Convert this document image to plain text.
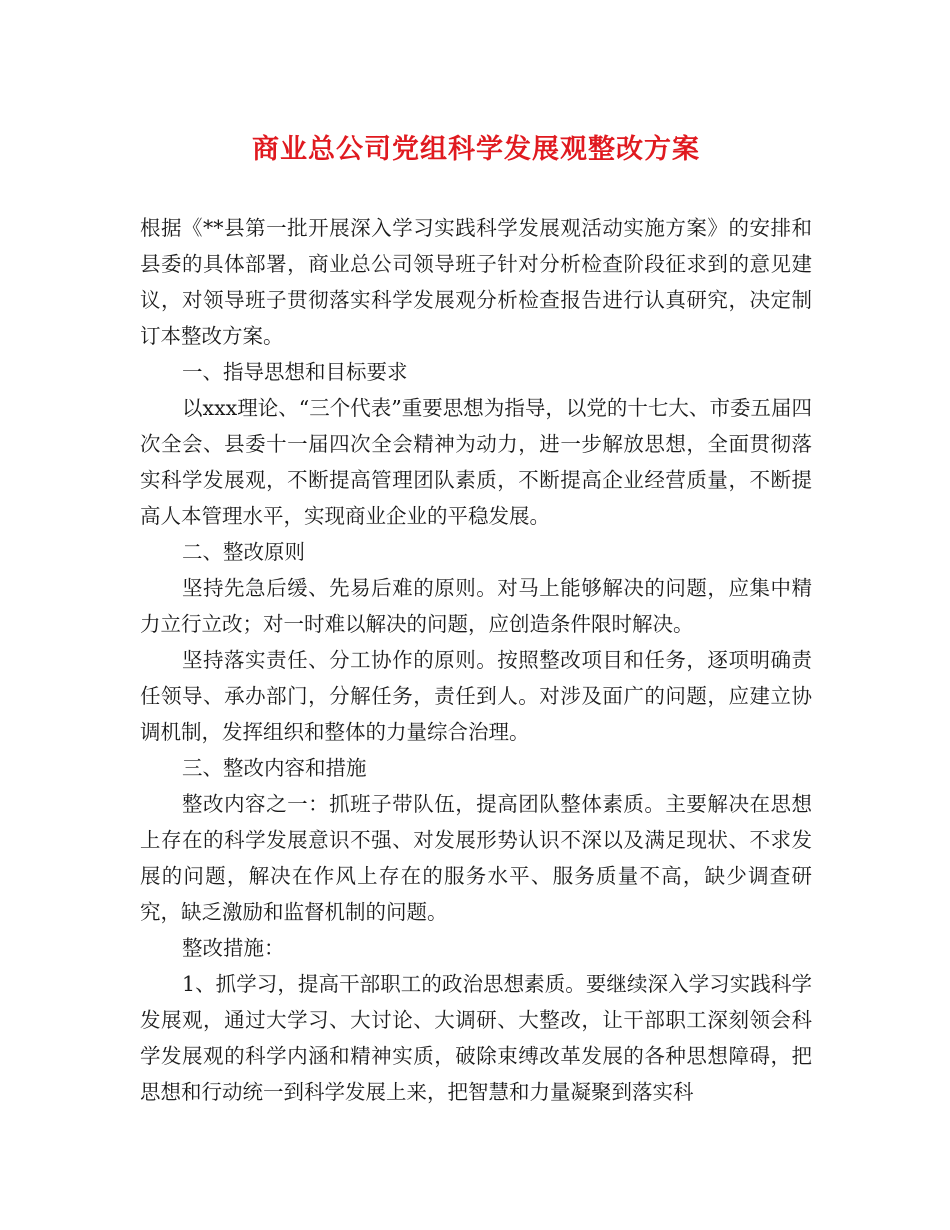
商业总公司党组科学发展观整改方案

根据《**县第一批开展深入学习实践科学发展观活动实施方案》的安排和县委的具体部署，商业总公司领导班子针对分析检查阶段征求到的意见建议，对领导班子贯彻落实科学发展观分析检查报告进行认真研究，决定制订本整改方案。

一、指导思想和目标要求

以xxx理论、“三个代表”重要思想为指导，以党的十七大、市委五届四次全会、县委十一届四次全会精神为动力，进一步解放思想，全面贯彻落实科学发展观，不断提高管理团队素质，不断提高企业经营质量，不断提高人本管理水平，实现商业企业的平稳发展。

二、整改原则

坚持先急后缓、先易后难的原则。对马上能够解决的问题，应集中精力立行立改；对一时难以解决的问题，应创造条件限时解决。

坚持落实责任、分工协作的原则。按照整改项目和任务，逐项明确责任领导、承办部门，分解任务，责任到人。对涉及面广的问题，应建立协调机制，发挥组织和整体的力量综合治理。

三、整改内容和措施

整改内容之一：抓班子带队伍，提高团队整体素质。主要解决在思想上存在的科学发展意识不强、对发展形势认识不深以及满足现状、不求发展的问题，解决在作风上存在的服务水平、服务质量不高，缺少调查研究，缺乏激励和监督机制的问题。

整改措施：

1、抓学习，提高干部职工的政治思想素质。要继续深入学习实践科学发展观，通过大学习、大讨论、大调研、大整改，让干部职工深刻领会科学发展观的科学内涵和精神实质，破除束缚改革发展的各种思想障碍，把思想和行动统一到科学发展上来，把智慧和力量凝聚到落实科
